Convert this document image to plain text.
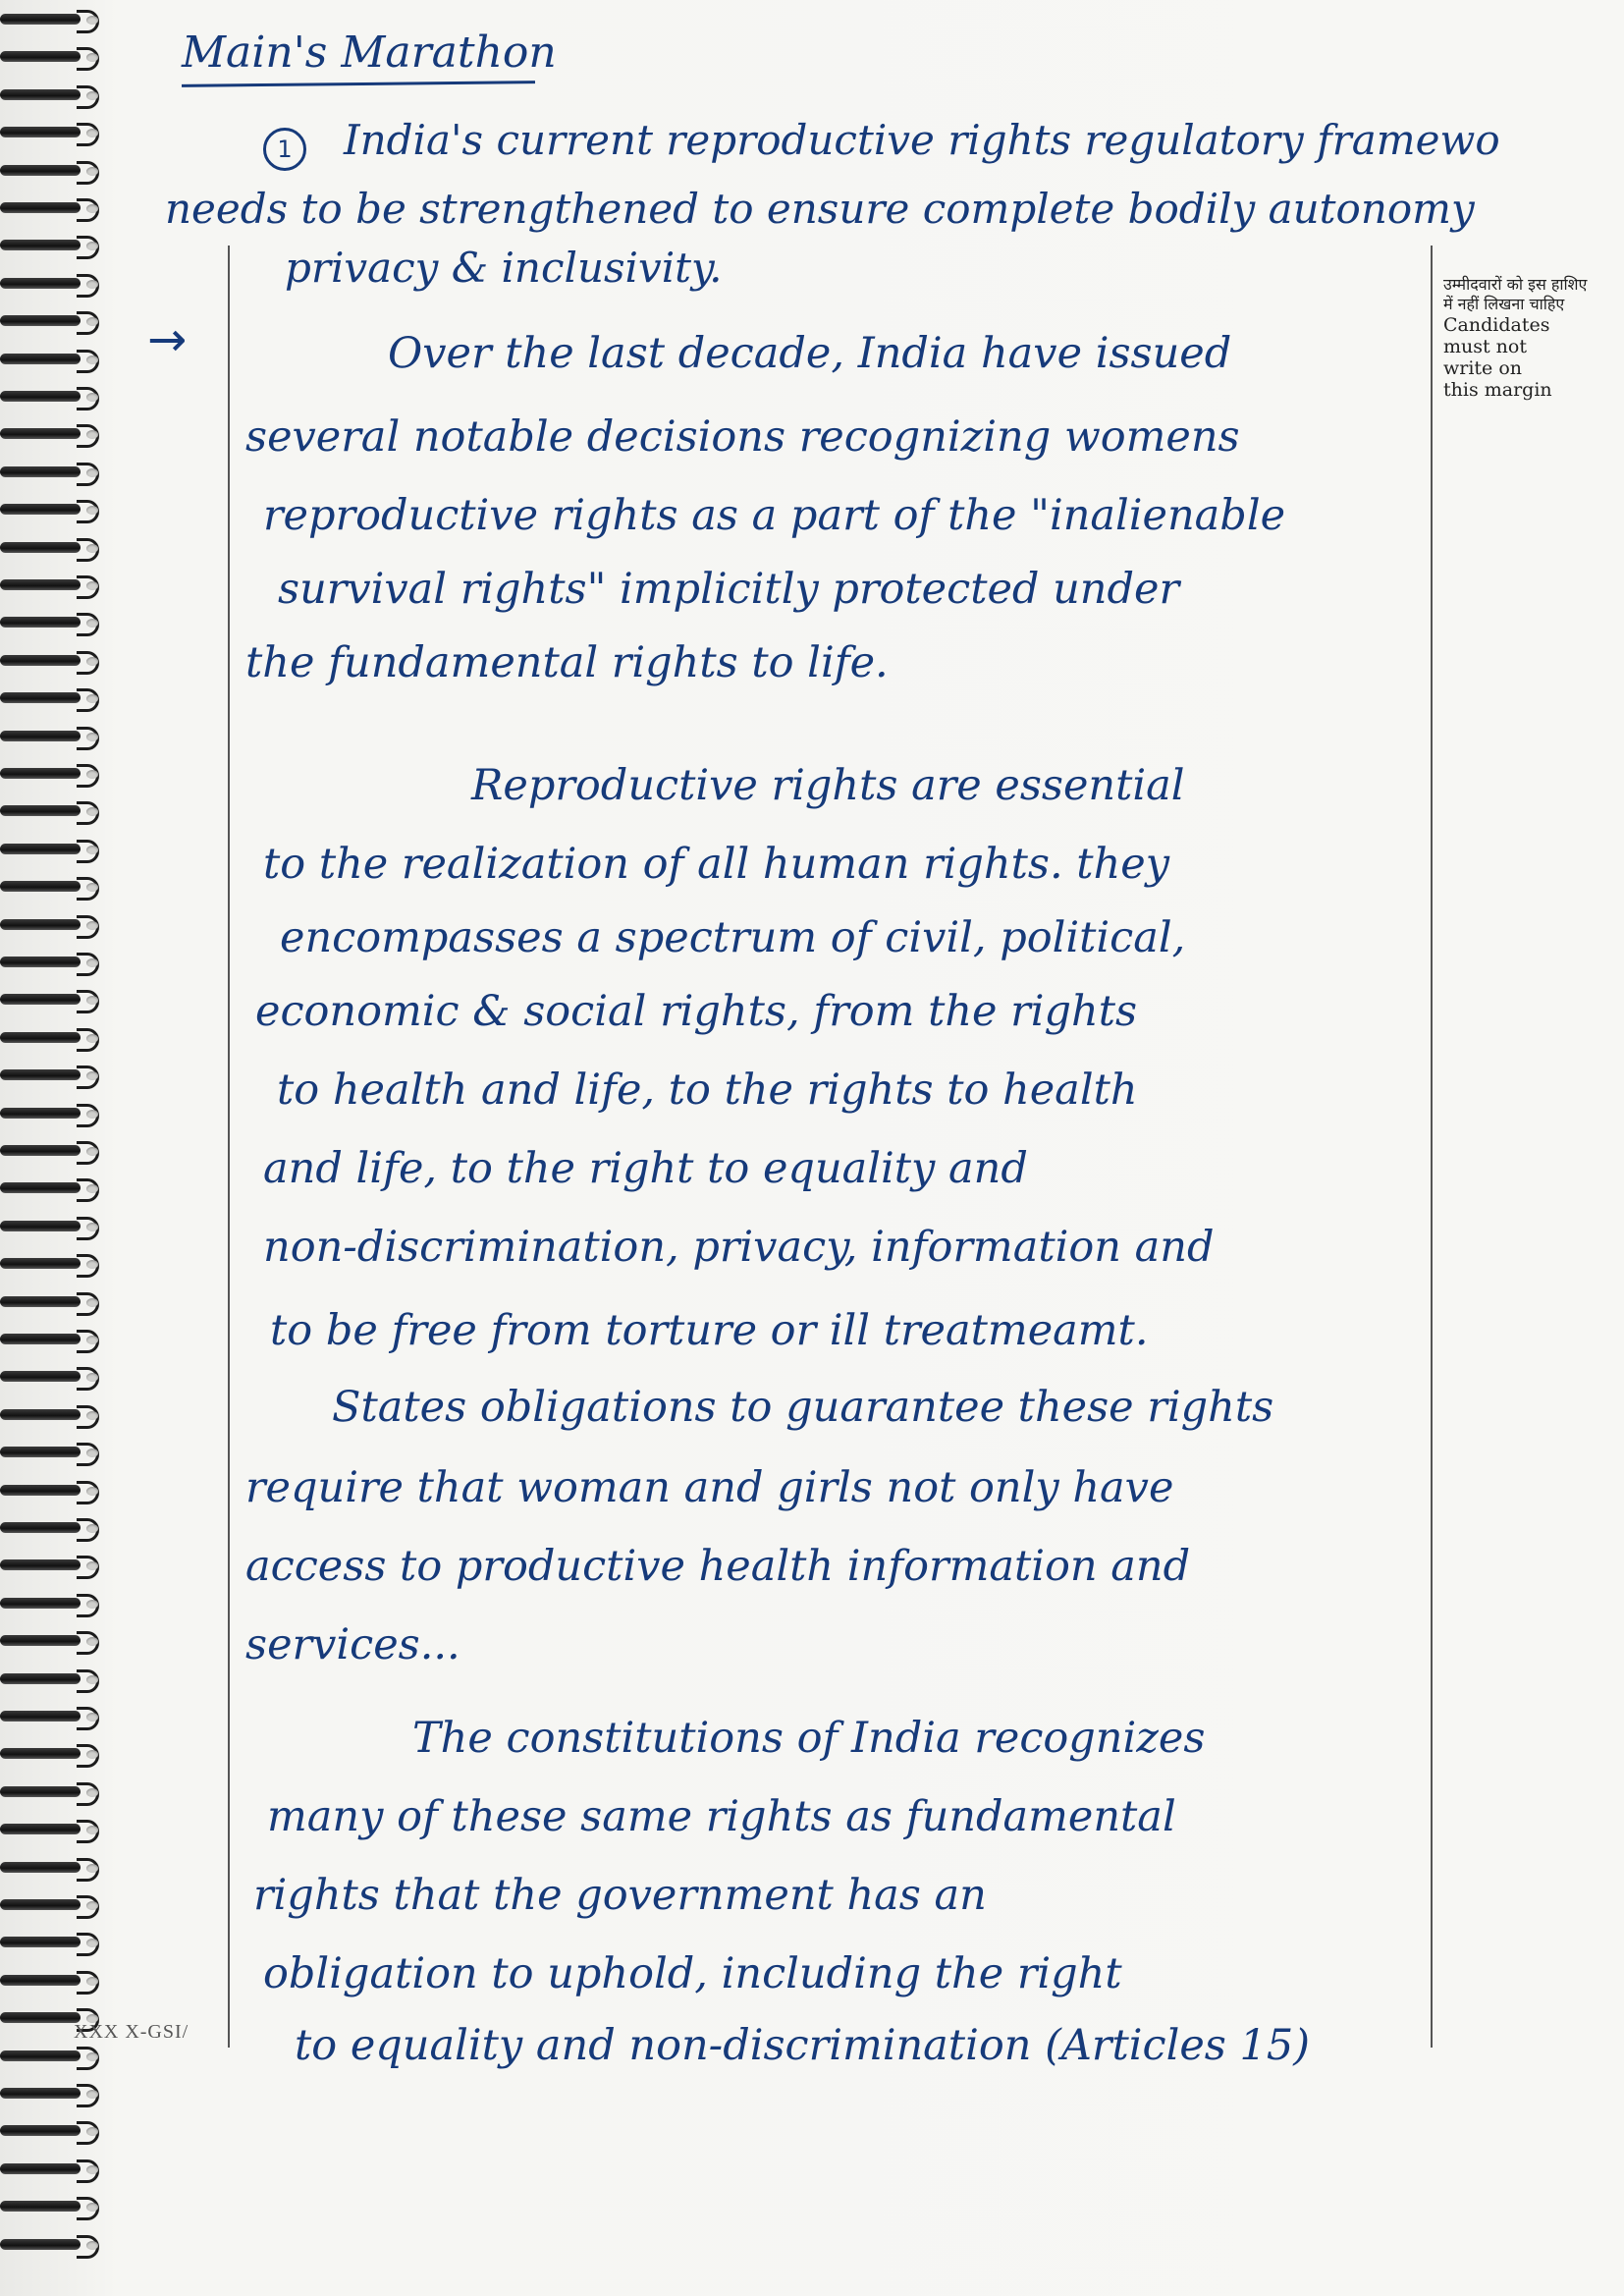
Main's Marathon
1	India's current reproductive rights regulatory framewo
needs to be strengthened to ensure complete bodily autonomy
privacy & inclusivity.
→
उम्मीदवारों को इस हाशिए में नहीं लिखना चाहिए
Candidates
must not
write on
this margin
Over the last decade, India have issued
several notable decisions recognizing womens
reproductive rights as a part of the "inalienable
survival rights" implicitly protected under
the fundamental rights to life.
Reproductive rights are essential
to the realization of all human rights. they
encompasses a spectrum of civil, political,
economic & social rights, from the rights
to health and life, to the rights to health
and life, to the right to equality and
non-discrimination, privacy, information and
to be free from torture or ill treatmeamt.
States obligations to guarantee these rights
require that woman and girls not only have
access to productive health information and
services...
The constitutions of India recognizes
many of these same rights as fundamental
rights that the government has an
obligation to uphold, including the right
to equality and non-discrimination (Articles 15)
XXX X-GSI/
